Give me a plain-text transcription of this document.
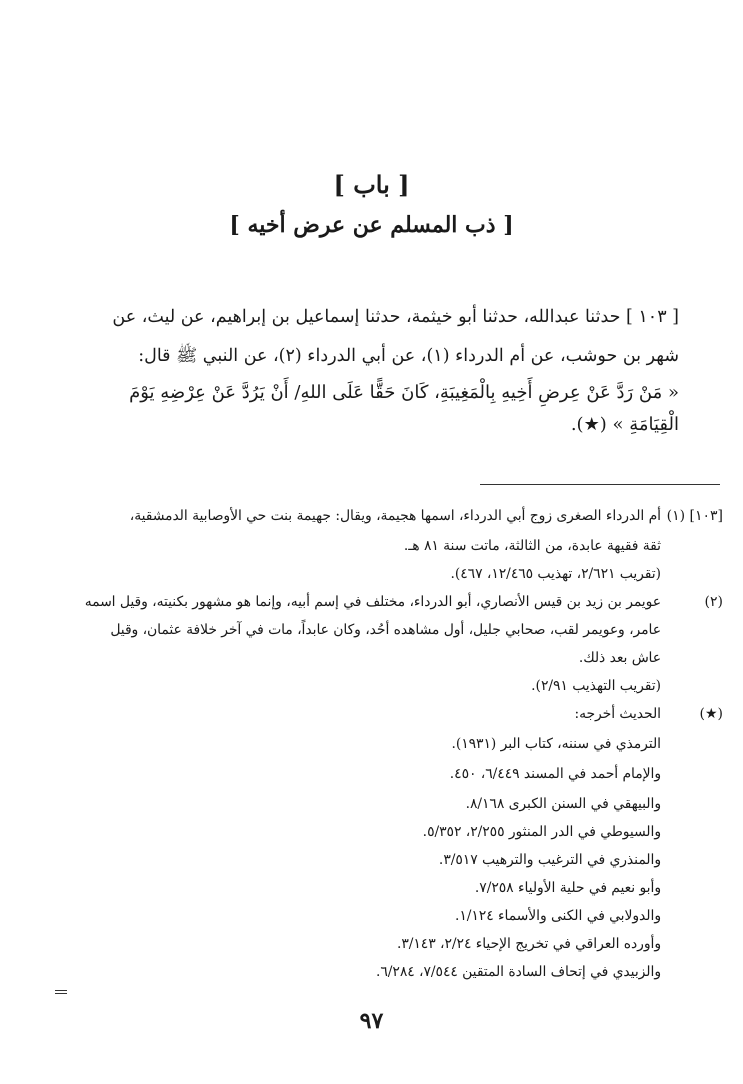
[ باب ]
[ ذب المسلم عن عرض أخيه ]
[ ١٠٣ ] حدثنا عبدالله، حدثنا أبو خيثمة، حدثنا إسماعيل بن إبراهيم، عن ليث، عن
شهر بن حوشب، عن أم الدرداء (١)، عن أبي الدرداء (٢)، عن النبي ﷺ قال:
« مَنْ رَدَّ عَنْ عِرضِ أَخِيهِ بِالْمَغِيبَةِ، كَانَ حَقًّا عَلَى اللهِ/ أَنْ يَرُدَّ عَنْ عِرْضِهِ يَوْمَ
الْقِيَامَةِ » (★).
[١٠٣] (١)
أم الدرداء الصغرى زوج أبي الدرداء، اسمها هجيمة، ويقال: جهيمة بنت حي الأوصابية الدمشقية،
ثقة فقيهة عابدة، من الثالثة، ماتت سنة ٨١ هـ.
(تقريب ٢/٦٢١، تهذيب ١٢/٤٦٥، ٤٦٧).
(٢)
عويمر بن زيد بن قيس الأنصاري، أبو الدرداء، مختلف في إسم أبيه، وإنما هو مشهور بكنيته، وقيل اسمه
عامر، وعويمر لقب، صحابي جليل، أول مشاهده أحُد، وكان عابداً، مات في آخر خلافة عثمان، وقيل
عاش بعد ذلك.
(تقريب التهذيب ٢/٩١).
(★)
الحديث أخرجه:
الترمذي في سننه، كتاب البر (١٩٣١).
والإمام أحمد في المسند ٦/٤٤٩، ٤٥٠.
والبيهقي في السنن الكبرى ٨/١٦٨.
والسيوطي في الدر المنثور ٢/٢٥٥، ٥/٣٥٢.
والمنذري في الترغيب والترهيب ٣/٥١٧.
وأبو نعيم في حلية الأولياء ٧/٢٥٨.
والدولابي في الكنى والأسماء ١/١٢٤.
وأورده العراقي في تخريج الإحياء ٢/٢٤، ٣/١٤٣.
والزبيدي في إتحاف السادة المتقين ٧/٥٤٤، ٦/٢٨٤.
٩٧
